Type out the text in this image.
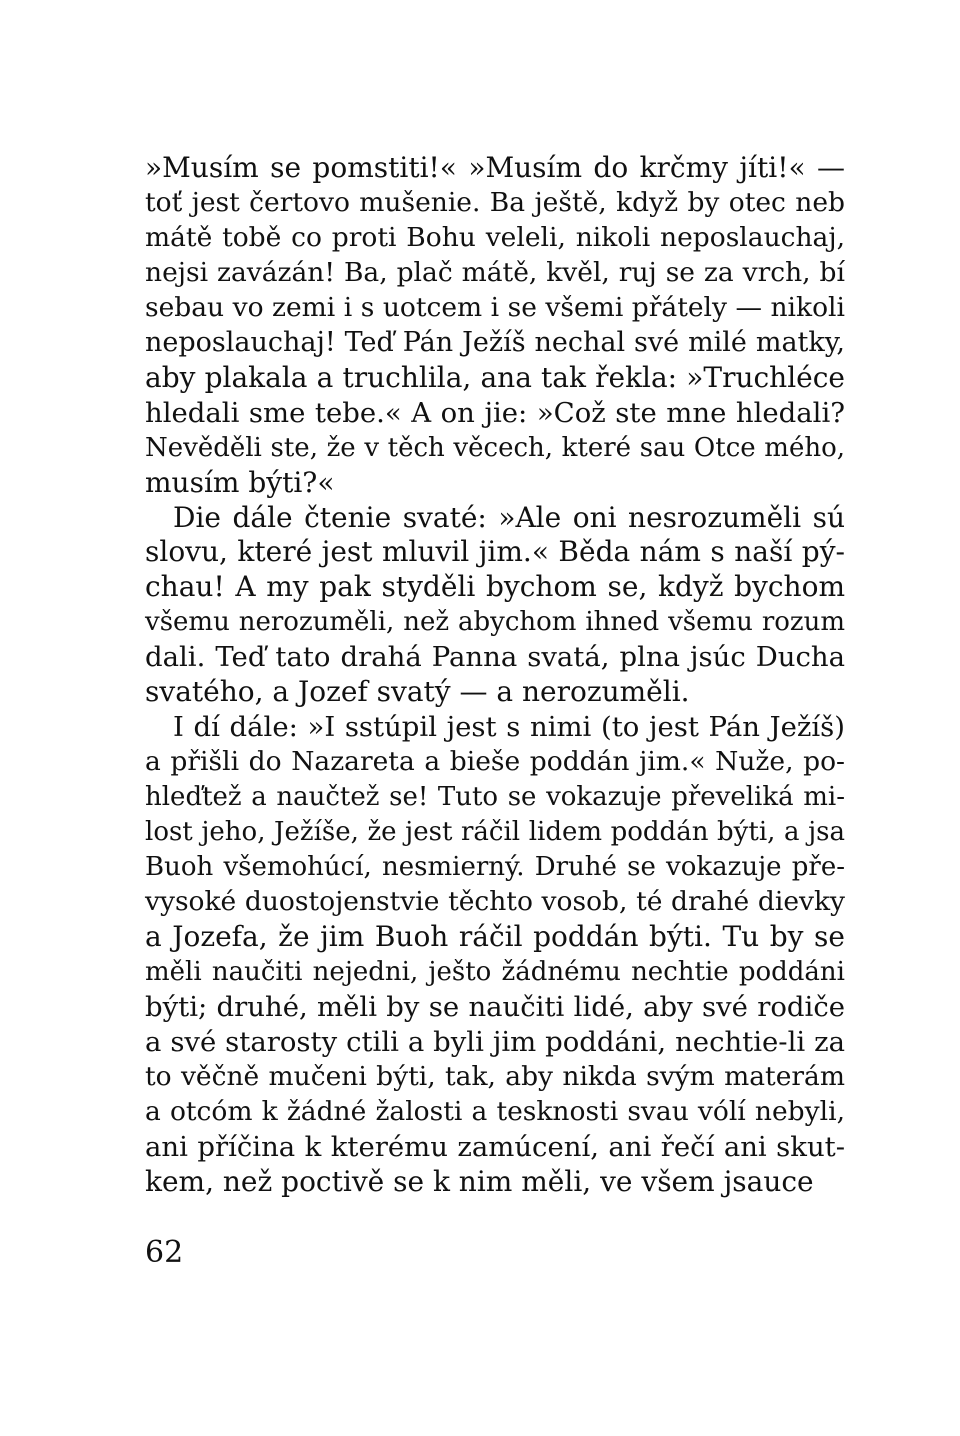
»Musím se pomstiti!« »Musím do krčmy jíti!« —
toť jest čertovo mušenie. Ba ještě, když by otec neb
mátě tobě co proti Bohu veleli, nikoli neposlauchaj,
nejsi zavázán! Ba, plač mátě, kvěl, ruj se za vrch, bí
sebau vo zemi i s uotcem i se všemi přátely — nikoli
neposlauchaj! Teď Pán Ježíš nechal své milé matky,
aby plakala a truchlila, ana tak řekla: »Truchléce
hledali sme tebe.« A on jie: »Což ste mne hledali?
Nevěděli ste, že v těch věcech, které sau Otce mého,
musím býti?«
Die dále čtenie svaté: »Ale oni nesrozuměli sú
slovu, které jest mluvil jim.« Běda nám s naší pý-
chau! A my pak styděli bychom se, když bychom
všemu nerozuměli, než abychom ihned všemu rozum
dali. Teď tato drahá Panna svatá, plna jsúc Ducha
svatého, a Jozef svatý — a nerozuměli.
I dí dále: »I sstúpil jest s nimi (to jest Pán Ježíš)
a přišli do Nazareta a bieše poddán jim.« Nuže, po-
hleďtež a naučtež se! Tuto se vokazuje převeliká mi-
lost jeho, Ježíše, že jest ráčil lidem poddán býti, a jsa
Buoh všemohúcí, nesmierný. Druhé se vokazuje pře-
vysoké duostojenstvie těchto vosob, té drahé dievky
a Jozefa, že jim Buoh ráčil poddán býti. Tu by se
měli naučiti nejedni, ješto žádnému nechtie poddáni
býti; druhé, měli by se naučiti lidé, aby své rodiče
a své starosty ctili a byli jim poddáni, nechtie-li za
to věčně mučeni býti, tak, aby nikda svým materám
a otcóm k žádné žalosti a tesknosti svau vólí nebyli,
ani příčina k kterému zamúcení, ani řečí ani skut-
kem, než poctivě se k nim měli, ve všem jsauce
62
